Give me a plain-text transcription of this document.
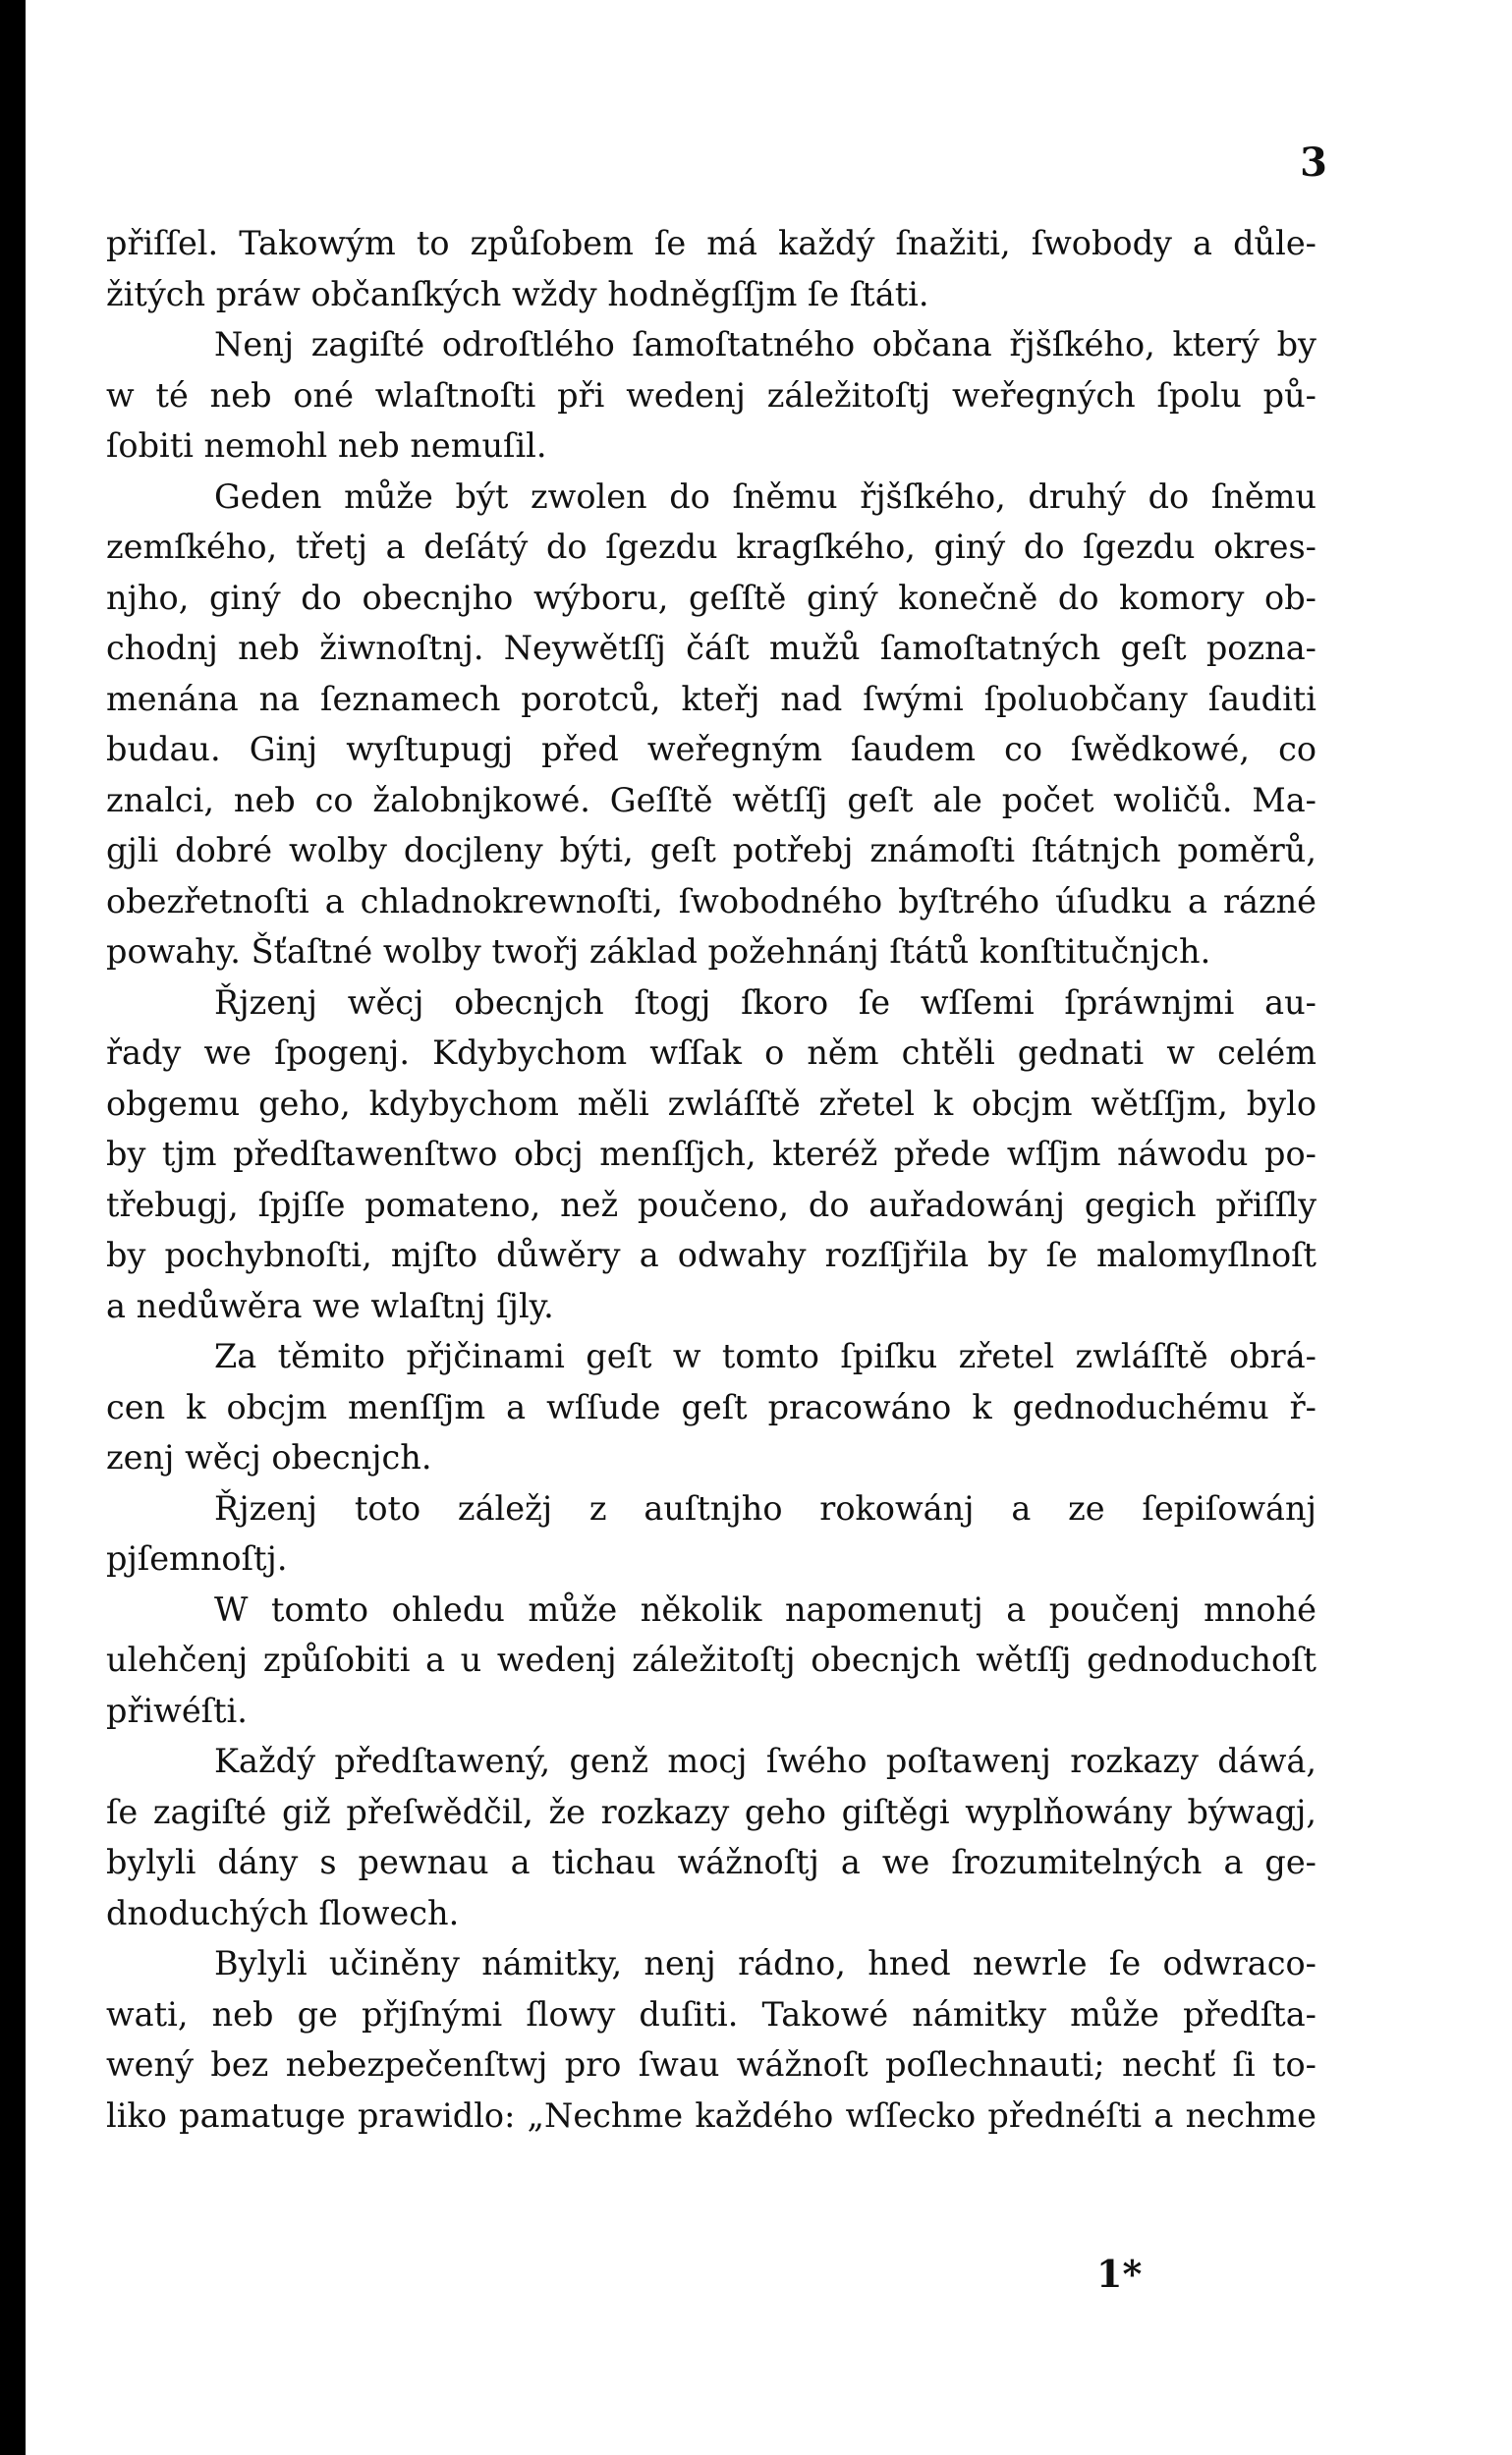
3
přiſſel. Takowým to způſobem ſe má každý ſnažiti, ſwobody a důle-
žitých práw občanſkých wždy hodněgſſjm ſe ſtáti.
Nenj zagiſté odroſtlého ſamoſtatného občana řjšſkého, který by
w té neb oné wlaſtnoſti při wedenj záležitoſtj weřegných ſpolu pů-
ſobiti nemohl neb nemuſil.
Geden může být zwolen do ſněmu řjšſkého, druhý do ſněmu
zemſkého, třetj a deſátý do ſgezdu kragſkého, giný do ſgezdu okres-
njho, giný do obecnjho wýboru, geſſtě giný konečně do komory ob-
chodnj neb žiwnoſtnj. Neywětſſj čáſt mužů ſamoſtatných geſt pozna-
menána na ſeznamech porotců, kteřj nad ſwými ſpoluobčany ſauditi
budau. Ginj wyſtupugj před weřegným ſaudem co ſwědkowé, co
znalci, neb co žalobnjkowé. Geſſtě wětſſj geſt ale počet woličů. Ma-
gjli dobré wolby docjleny býti, geſt potřebj známoſti ſtátnjch poměrů,
obezřetnoſti a chladnokrewnoſti, ſwobodného byſtrého úſudku a rázné
powahy. Šťaſtné wolby twořj základ požehnánj ſtátů konſtitučnjch.
Řjzenj wěcj obecnjch ſtogj ſkoro ſe wſſemi ſpráwnjmi au-
řady we ſpogenj. Kdybychom wſſak o něm chtěli gednati w celém
obgemu geho, kdybychom měli zwláſſtě zřetel k obcjm wětſſjm, bylo
by tjm předſtawenſtwo obcj menſſjch, kteréž přede wſſjm náwodu po-
třebugj, ſpjſſe pomateno, než poučeno, do auřadowánj gegich přiſſly
by pochybnoſti, mjſto důwěry a odwahy rozſſjřila by ſe malomyſlnoſt
a nedůwěra we wlaſtnj ſjly.
Za těmito přjčinami geſt w tomto ſpiſku zřetel zwláſſtě obrá-
cen k obcjm menſſjm a wſſude geſt pracowáno k gednoduchému ř-
zenj wěcj obecnjch.
Řjzenj toto záležj z auſtnjho rokowánj a ze ſepiſowánj
pjſemnoſtj.
W tomto ohledu může několik napomenutj a poučenj mnohé
ulehčenj způſobiti a u wedenj záležitoſtj obecnjch wětſſj gednoduchoſt
přiwéſti.
Každý předſtawený, genž mocj ſwého poſtawenj rozkazy dáwá,
ſe zagiſté giž přeſwědčil, že rozkazy geho giſtěgi wyplňowány býwagj,
bylyli dány s pewnau a tichau wážnoſtj a we ſrozumitelných a ge-
dnoduchých ſlowech.
Bylyli učiněny námitky, nenj rádno, hned newrle ſe odwraco-
wati, neb ge přjſnými ſlowy duſiti. Takowé námitky může předſta-
wený bez nebezpečenſtwj pro ſwau wážnoſt poſlechnauti; nechť ſi to-
liko pamatuge prawidlo: „Nechme každého wſſecko přednéſti a nechme
1*
